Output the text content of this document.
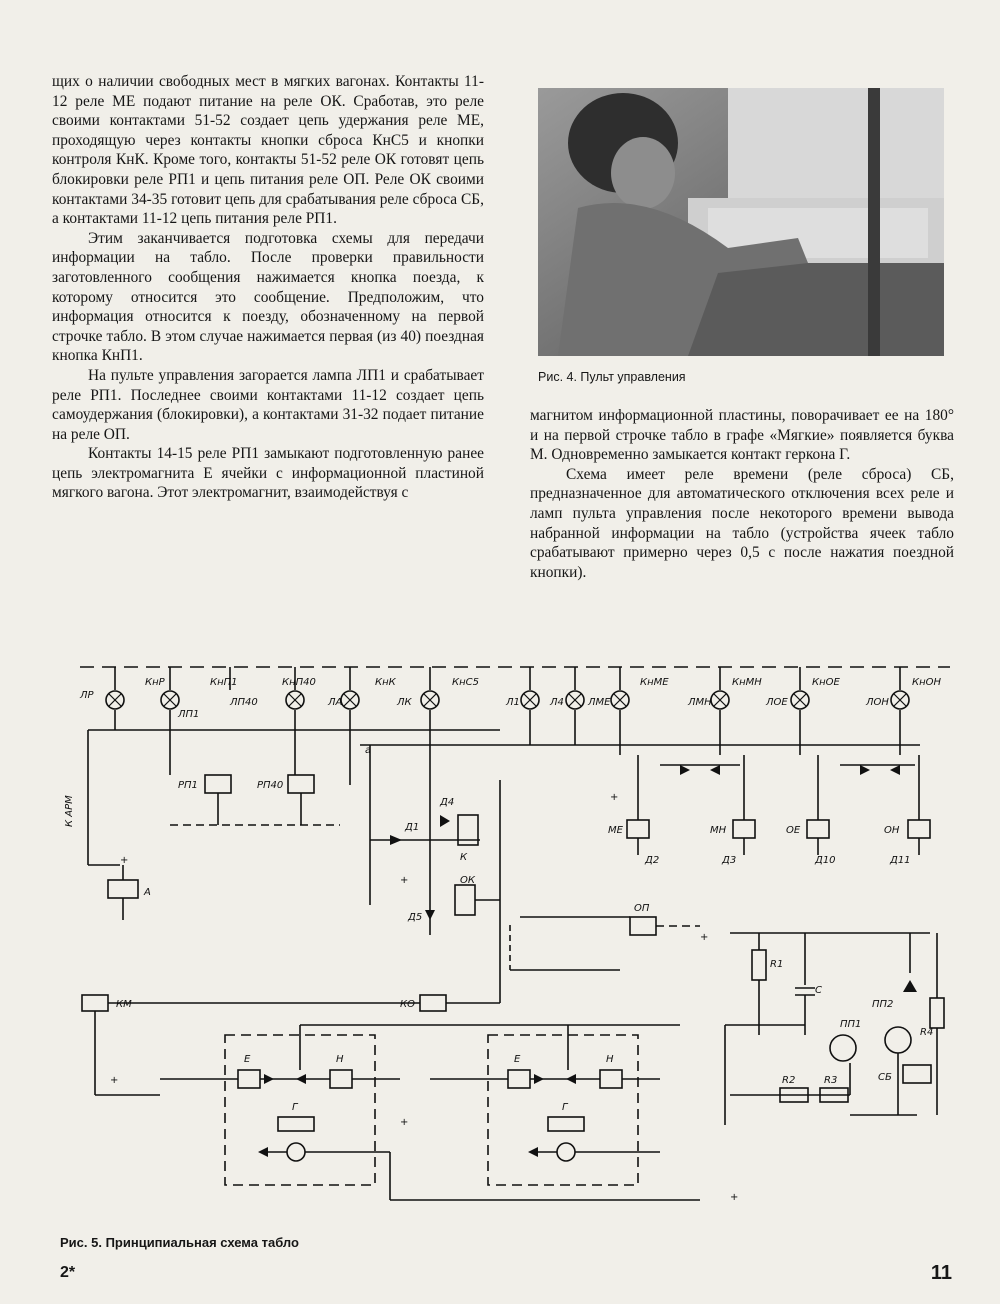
щих о наличии свободных мест в мягких вагонах. Контакты 11-12 реле МЕ подают питание на реле ОК. Сработав, это реле своими контактами 51-52 создает цепь удержания реле МЕ, проходящую через контакты кнопки сброса КнС5 и кнопки контроля КнК. Кроме того, контакты 51-52 реле ОК готовят цепь блокировки реле РП1 и цепь питания реле ОП. Реле ОК своими контактами 34-35 готовит цепь для срабатывания реле сброса СБ, а контактами 11-12 цепь питания реле РП1.

Этим заканчивается подготовка схемы для передачи информации на табло. После проверки правильности заготовленного сообщения нажимается кнопка поезда, к которому относится это сообщение. Предположим, что информация относится к поезду, обозначенному на первой строчке табло. В этом случае нажимается первая (из 40) поездная кнопка КнП1.

На пульте управления загорается лампа ЛП1 и срабатывает реле РП1. Последнее своими контактами 11-12 создает цепь самоудержания (блокировки), а контактами 31-32 подает питание на реле ОП.

Контакты 14-15 реле РП1 замыкают подготовленную ранее цепь электромагнита Е ячейки с информационной пластиной мягкого вагона. Этот электромагнит, взаимодействуя с

Рис. 4. Пульт управления

магнитом информационной пластины, поворачивает ее на 180° и на первой строчке табло в графе «Мягкие» появляется буква М. Одновременно замыкается контакт геркона Г.

Схема имеет реле времени (реле сброса) СБ, предназначенное для автоматического отключения всех реле и ламп пульта управления после некоторого времени вывода набранной информации на табло (устройства ячеек табло срабатывают примерно через 0,5 с после нажатия поездной кнопки).

ЛР
ЛП1
ЛП40	ЛА	ЛК	Л1	Л4 ЛМЕ	ЛМН	ЛОЕ	ЛОН
КнР	КнП1	КнП40	КнК	КнС5	КнМЕ	КнМН	КнОЕ	КнОН
А
РП1	РП40
К
ОК
МЕ	МН	ОЕ	ОН
ОП
КМ	КО
СБ
Д1
Д2	Д3
Д4
Д5
Д10	Д11
R1
R2	R3
R4
С
ПП1
ПП2
Е	Н
Г
Е	Н
Г
К АРМ
+
+
+
+
+
+
+
а
Рис. 5. Принципиальная схема табло
2*	11
